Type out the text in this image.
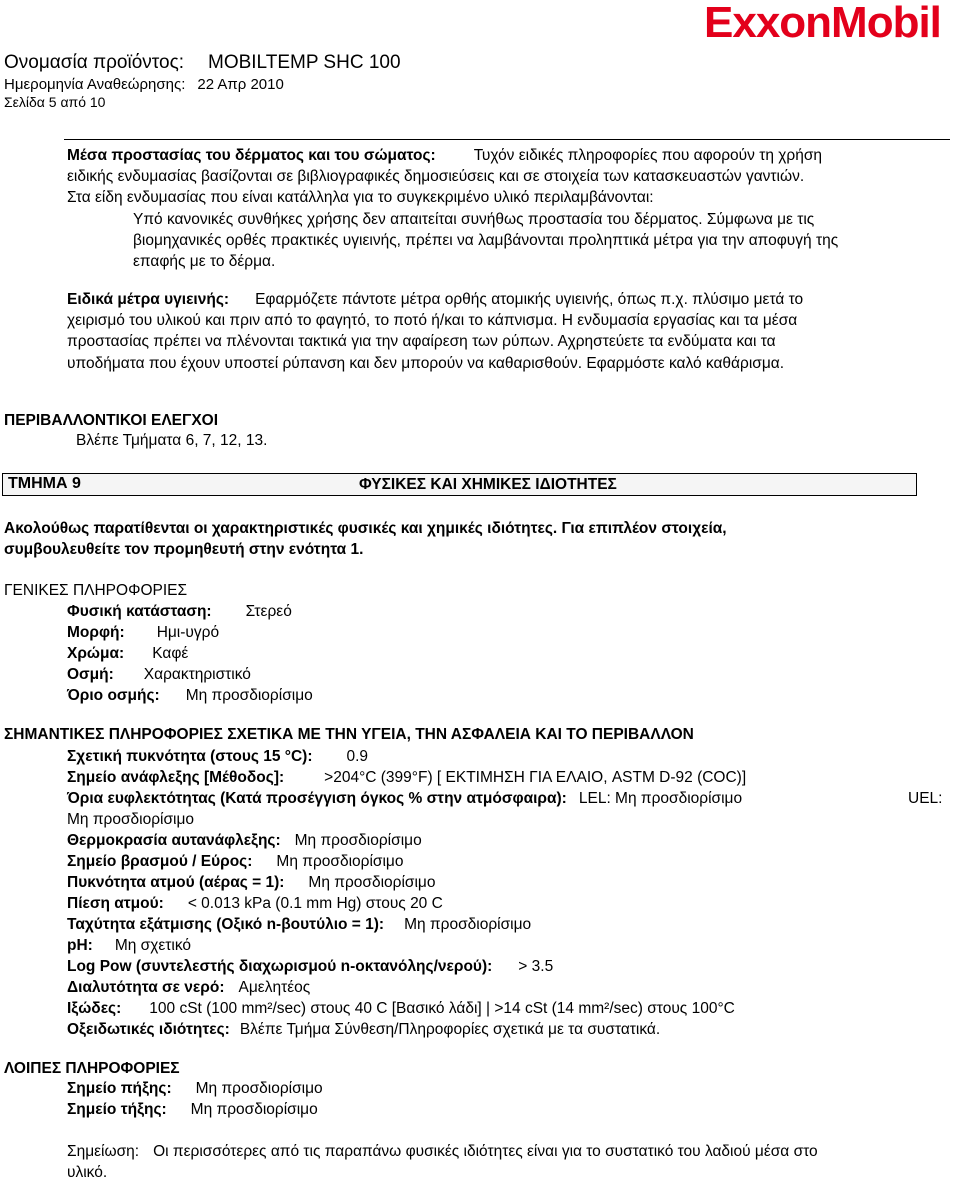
ExxonMobil
Ονομασία προϊόντος: MOBILTEMP SHC 100
Ημερομηνία Αναθεώρησης: 22 Απρ 2010
Σελίδα 5 από 10
Μέσα προστασίας του δέρματος και του σώματος: Τυχόν ειδικές πληροφορίες που αφορούν τη χρήση
ειδικής ενδυμασίας βασίζονται σε βιβλιογραφικές δημοσιεύσεις και σε στοιχεία των κατασκευαστών γαντιών.
Στα είδη ενδυμασίας που είναι κατάλληλα για το συγκεκριμένο υλικό περιλαμβάνονται:
Υπό κανονικές συνθήκες χρήσης δεν απαιτείται συνήθως προστασία του δέρματος. Σύμφωνα με τις
βιομηχανικές ορθές πρακτικές υγιεινής, πρέπει να λαμβάνονται προληπτικά μέτρα για την αποφυγή της
επαφής με το δέρμα.
Ειδικά μέτρα υγιεινής: Εφαρμόζετε πάντοτε μέτρα ορθής ατομικής υγιεινής, όπως π.χ. πλύσιμο μετά το
χειρισμό του υλικού και πριν από το φαγητό, το ποτό ή/και το κάπνισμα. Η ενδυμασία εργασίας και τα μέσα
προστασίας πρέπει να πλένονται τακτικά για την αφαίρεση των ρύπων. Αχρηστεύετε τα ενδύματα και τα
υποδήματα που έχουν υποστεί ρύπανση και δεν μπορούν να καθαρισθούν. Εφαρμόστε καλό καθάρισμα.
ΠΕΡΙΒΑΛΛΟΝΤΙΚΟΙ ΕΛΕΓΧΟΙ
Βλέπε Τμήματα 6, 7, 12, 13.
ΤΜΗΜΑ 9	ΦΥΣΙΚΕΣ ΚΑΙ ΧΗΜΙΚΕΣ ΙΔΙΟΤΗΤΕΣ
Ακολούθως παρατίθενται οι χαρακτηριστικές φυσικές και χημικές ιδιότητες. Για επιπλέον στοιχεία,
συμβουλευθείτε τον προμηθευτή στην ενότητα 1.
ΓΕΝΙΚΕΣ ΠΛΗΡΟΦΟΡΙΕΣ
Φυσική κατάσταση: Στερεό
Μορφή: Ημι-υγρό
Χρώμα: Καφέ
Οσμή: Χαρακτηριστικό
Όριο οσμής: Μη προσδιορίσιμο
ΣΗΜΑΝΤΙΚΕΣ ΠΛΗΡΟΦΟΡΙΕΣ ΣΧΕΤΙΚΑ ΜΕ ΤΗΝ ΥΓΕΙΑ, ΤΗΝ ΑΣΦΑΛΕΙΑ ΚΑΙ ΤΟ ΠΕΡΙΒΑΛΛΟΝ
Σχετική πυκνότητα (στους 15 °C): 0.9
Σημείο ανάφλεξης [Μέθοδος]:	>204°C (399°F) [ ΕΚΤΙΜΗΣΗ ΓΙΑ ΕΛΑΙΟ, ASTM D-92 (COC)]
Όρια ευφλεκτότητας (Κατά προσέγγιση όγκος % στην ατμόσφαιρα): LEL: Μη προσδιορίσιμο	UEL:
Μη προσδιορίσιμο
Θερμοκρασία αυτανάφλεξης: Μη προσδιορίσιμο
Σημείο βρασμού / Εύρος: Μη προσδιορίσιμο
Πυκνότητα ατμού (αέρας = 1): Μη προσδιορίσιμο
Πίεση ατμού: < 0.013 kPa (0.1 mm Hg) στους 20 C
Ταχύτητα εξάτμισης (Οξικό n-βουτύλιο = 1): Μη προσδιορίσιμο
pH: Μη σχετικό
Log Pow (συντελεστής διαχωρισμού n-οκτανόλης/νερού): > 3.5
Διαλυτότητα σε νερό: Αμελητέος
Ιξώδες: 100 cSt (100 mm²/sec) στους 40 C [Βασικό λάδι] | >14 cSt (14 mm²/sec) στους 100°C
Οξειδωτικές ιδιότητες: Βλέπε Τμήμα Σύνθεση/Πληροφορίες σχετικά με τα συστατικά.
ΛΟΙΠΕΣ ΠΛΗΡΟΦΟΡΙΕΣ
Σημείο πήξης: Μη προσδιορίσιμο
Σημείο τήξης: Μη προσδιορίσιμο
Σημείωση: Οι περισσότερες από τις παραπάνω φυσικές ιδιότητες είναι για το συστατικό του λαδιού μέσα στο
υλικό.
